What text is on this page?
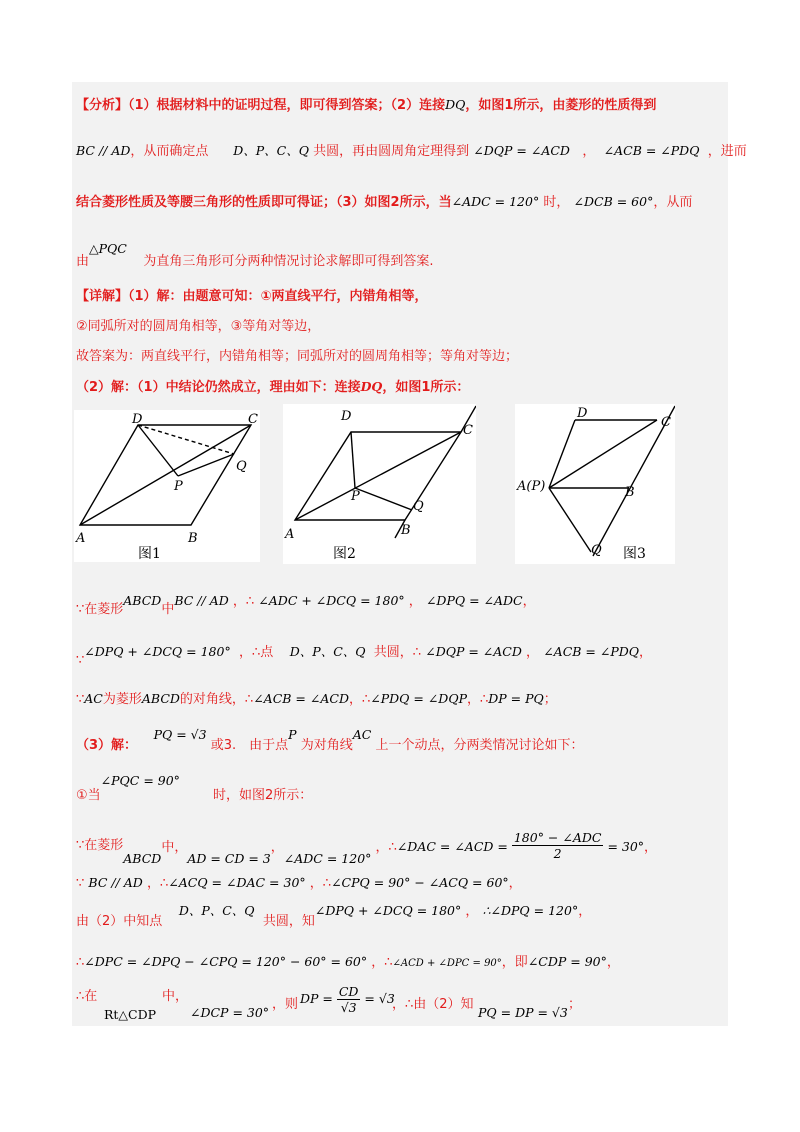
【分析】（1）根据材料中的证明过程，即可得到答案；（2）连接DQ，如图1所示，由菱形的性质得到
BC // AD，从而确定点 D、P、C、Q 共圆，再由圆周角定理得到 ∠DQP = ∠ACD ， ∠ACB = ∠PDQ ，进而
结合菱形性质及等腰三角形的性质即可得证；（3）如图2所示，当∠ADC = 120° 时， ∠DCB = 60°，从而
由△PQC    为直角三角形可分两种情况讨论求解即可得到答案.
【详解】（1）解：由题意可知：①两直线平行，内错角相等，
②同弧所对的圆周角相等，③等角对等边，
故答案为：两直线平行，内错角相等；同弧所对的圆周角相等；等角对等边；
（2）解：（1）中结论仍然成立，理由如下：连接DQ，如图1所示：
D	C
Q
P
A	B
图1
D
C
Q
P
A	B
图2
D
C
A(P)	B
Q 图3
∵在菱形ABCD中BC // AD ，∴ ∠ADC + ∠DCQ = 180° ， ∠DPQ = ∠ADC，
∵∠DPQ + ∠DCQ = 180° ，∴点 D、P、C、Q 共圆，∴ ∠DQP = ∠ACD ， ∠ACB = ∠PDQ，
∵AC为菱形ABCD的对角线，∴∠ACB = ∠ACD，∴∠PDQ = ∠DQP，∴DP = PQ；
（3）解：    PQ = √3 或3.　由于点P 为对角线AC 上一个动点，分两类情况讨论如下：
①当∠PQC = 90°        时，如图2所示：
∵在菱形ABCD中，AD = CD = 3，∠ADC = 120° ，∴∠DAC = ∠ACD =
180° − ∠ADC
2	= 30°，
∵ BC // AD ，∴∠ACQ = ∠DAC = 30° ，∴∠CPQ = 90° − ∠ACQ = 60°，
由（2）中知点    D、P、C、Q  共圆，知∠DPQ + ∠DCQ = 180° ， ∴∠DPQ = 120°，
∴∠DPC = ∠DPQ − ∠CPQ = 120° − 60° = 60° ，∴∠ACD + ∠DPC = 90°，即∠CDP = 90°，
∴在

Rt△CDP
中，
∠DCP = 30°
，则 DP = $\frac{CD}{√3} = √3$
，∴由（2）知
PQ = DP = √3
；
